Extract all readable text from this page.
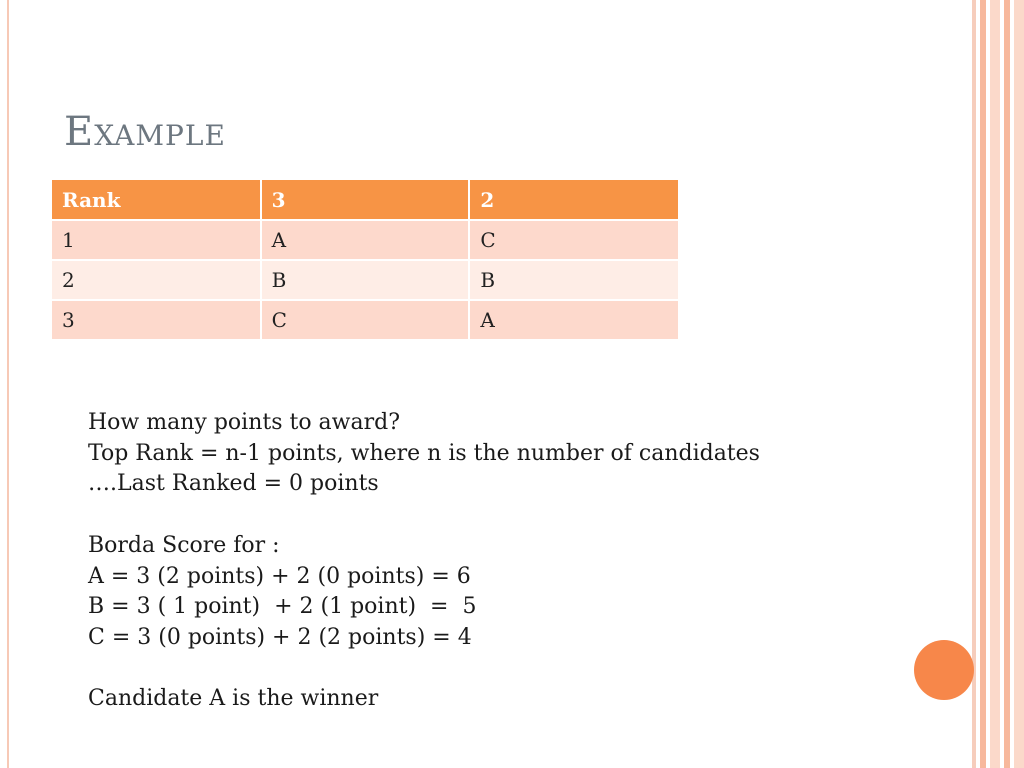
Example
Rank	3	2
1	A	C
2	B	B
3	C	A
How many points to award?
Top Rank = n-1 points, where n is the number of candidates
….Last Ranked = 0 points
Borda Score for :
A = 3 (2 points) + 2 (0 points) = 6
B = 3 ( 1 point)  + 2 (1 point)  =  5
C = 3 (0 points) + 2 (2 points) = 4
Candidate A is the winner
